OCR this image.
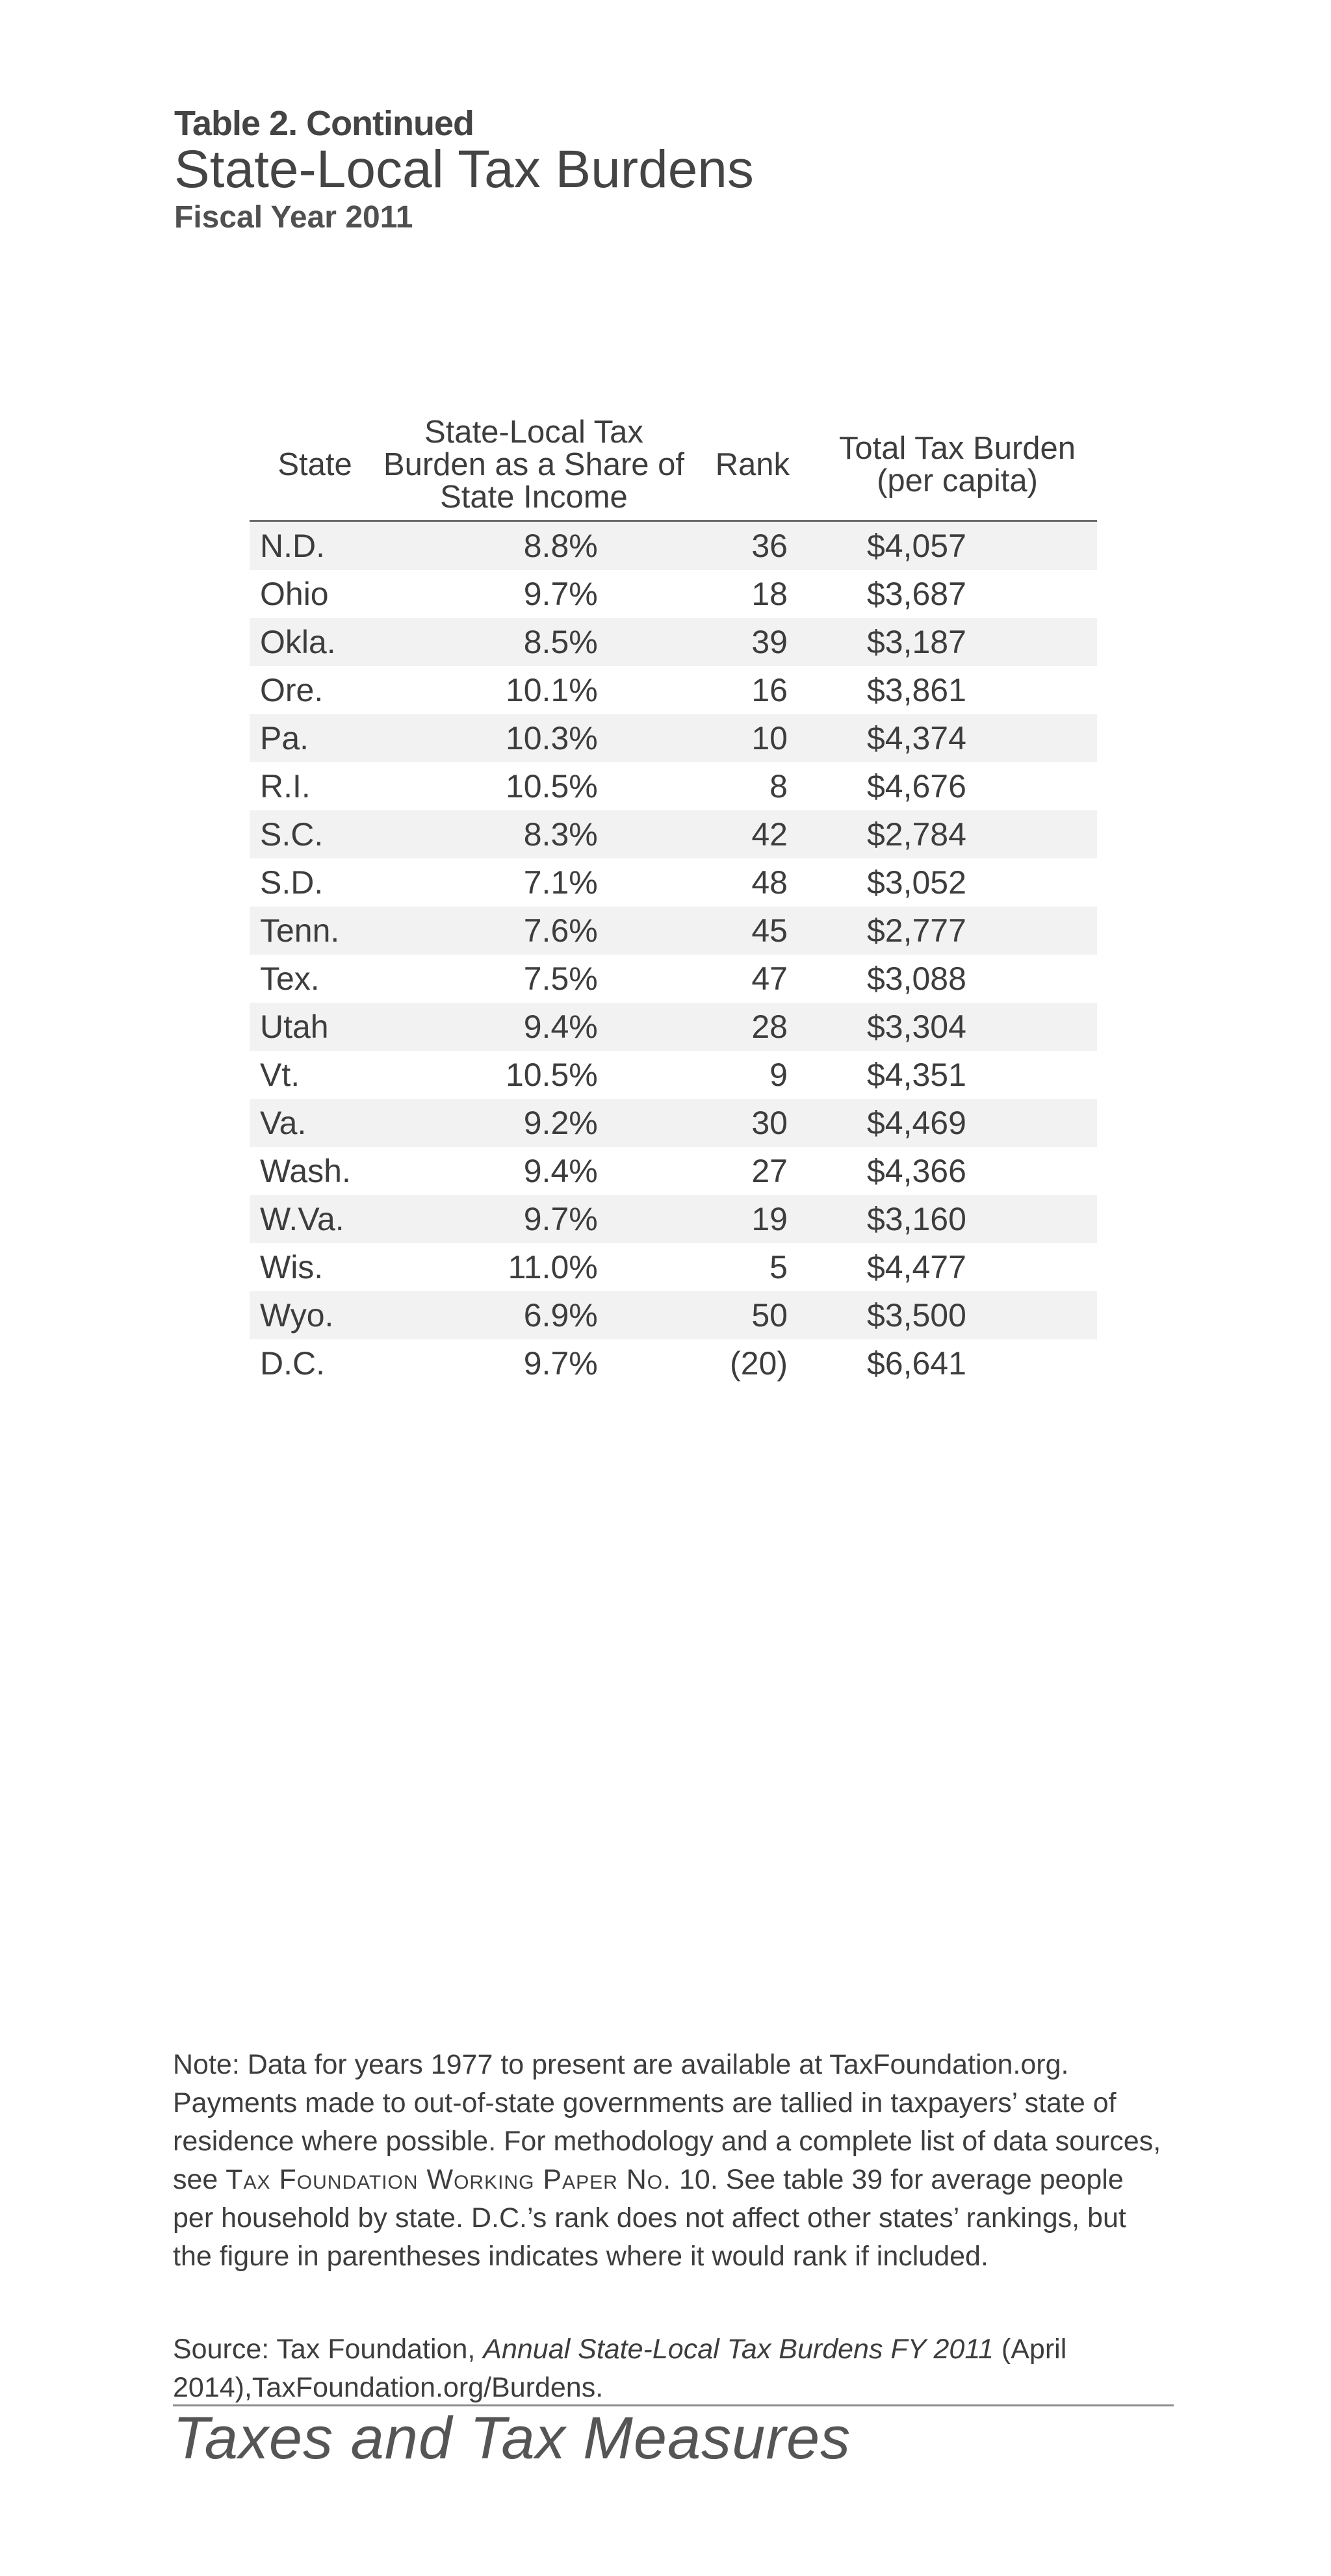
Table 2. Continued
State-Local Tax Burdens
Fiscal Year 2011
State	State-Local Tax Burden as a Share of State Income	Rank	Total Tax Burden (per capita)
N.D.	8.8%	36	$4,057
Ohio	9.7%	18	$3,687
Okla.	8.5%	39	$3,187
Ore.	10.1%	16	$3,861
Pa.	10.3%	10	$4,374
R.I.	10.5%	8	$4,676
S.C.	8.3%	42	$2,784
S.D.	7.1%	48	$3,052
Tenn.	7.6%	45	$2,777
Tex.	7.5%	47	$3,088
Utah	9.4%	28	$3,304
Vt.	10.5%	9	$4,351
Va.	9.2%	30	$4,469
Wash.	9.4%	27	$4,366
W.Va.	9.7%	19	$3,160
Wis.	11.0%	5	$4,477
Wyo.	6.9%	50	$3,500
D.C.	9.7%	(20)	$6,641

Note: Data for years 1977 to present are available at TaxFoundation.org. Payments made to out-of-state governments are tallied in taxpayers’ state of residence where possible. For methodology and a complete list of data sources, see Tax Foundation Working Paper No. 10. See table 39 for average people per household by state. D.C.’s rank does not affect other states’ rankings, but the figure in parentheses indicates where it would rank if included.

Source: Tax Foundation, Annual State-Local Tax Burdens FY 2011 (April 2014),TaxFoundation.org/Burdens.

Taxes and Tax Measures
